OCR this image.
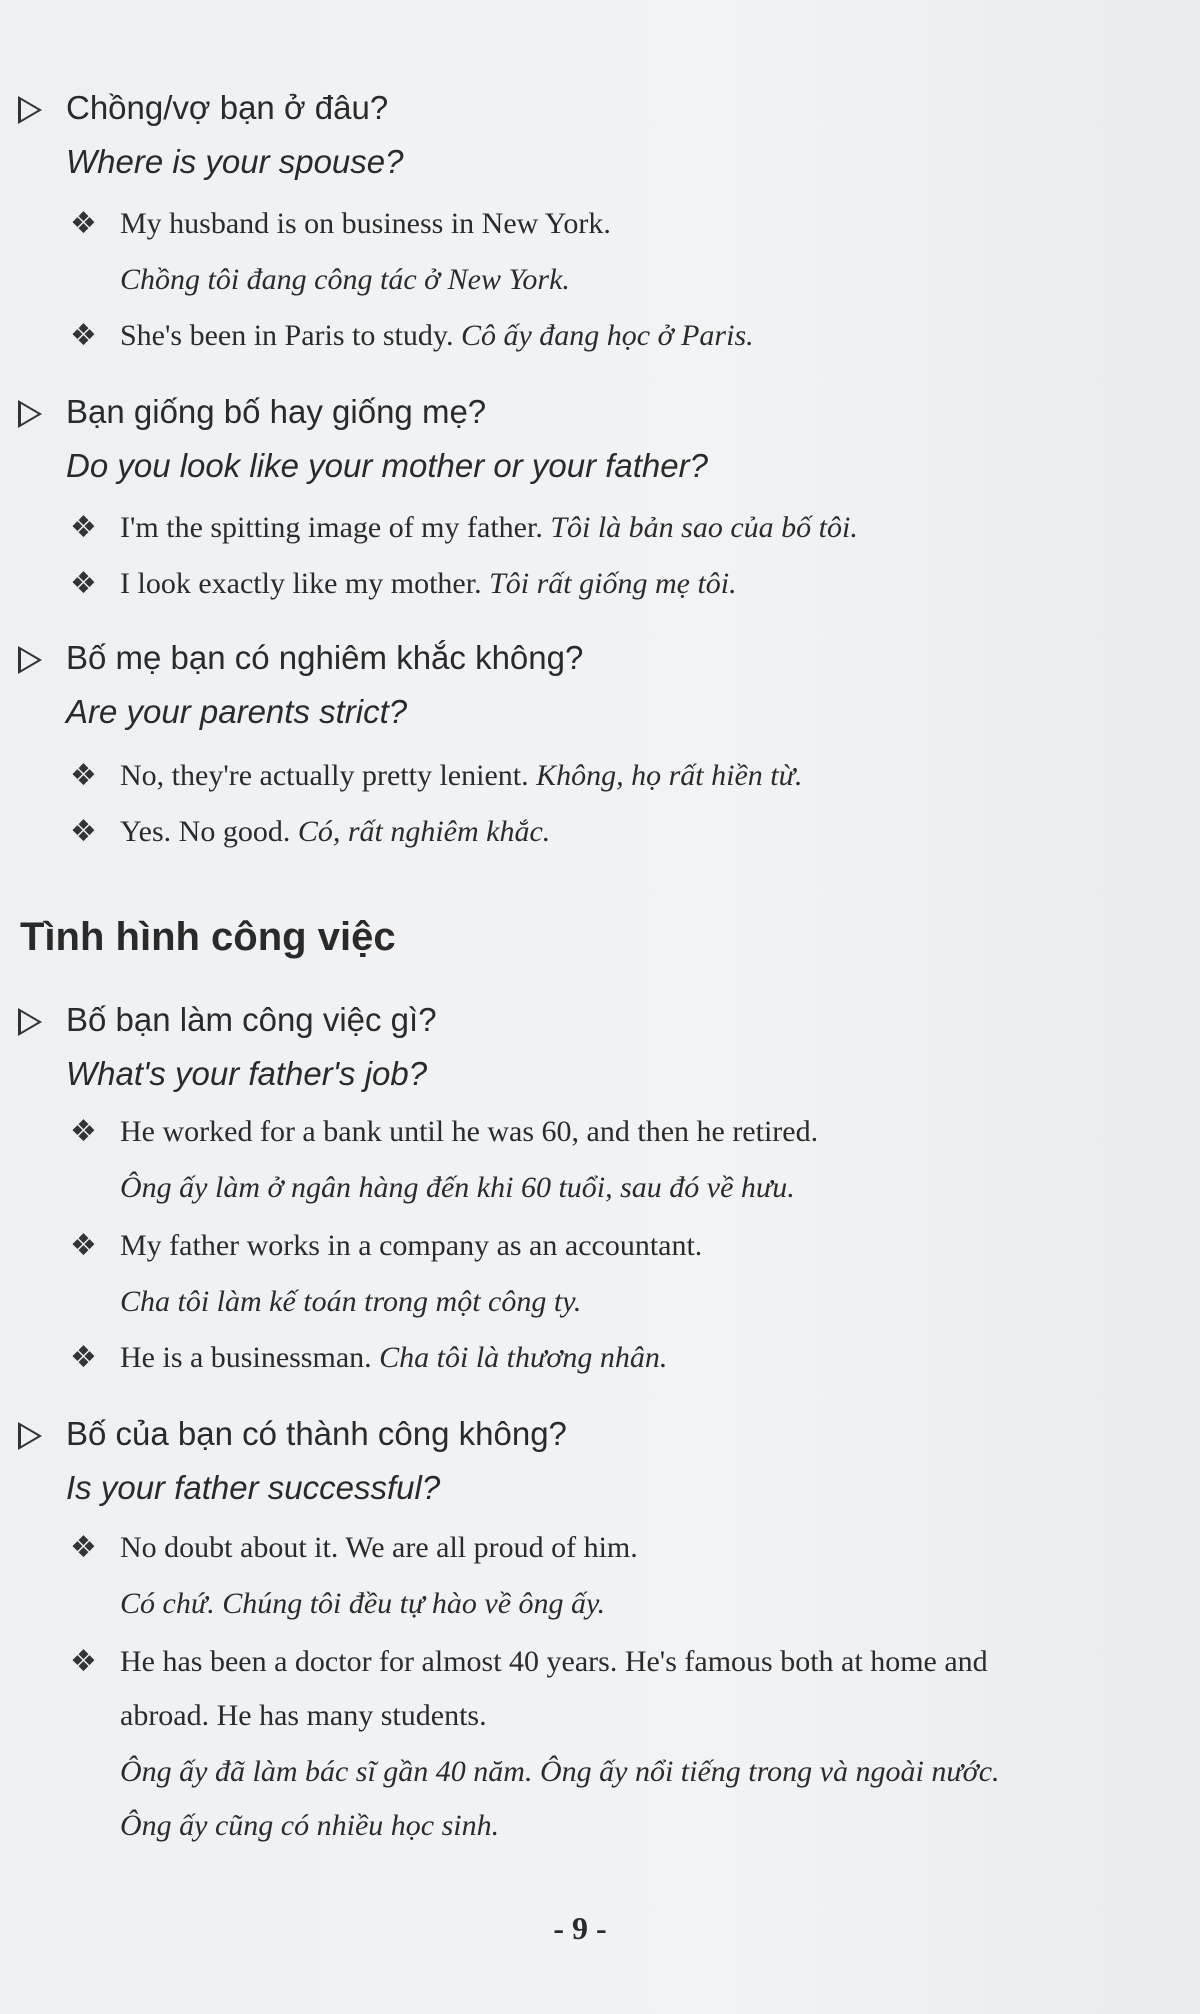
Chồng/vợ bạn ở đâu?
Where is your spouse?
❖ My husband is on business in New York.
Chồng tôi đang công tác ở New York.
❖ She's been in Paris to study. Cô ấy đang học ở Paris.
Bạn giống bố hay giống mẹ?
Do you look like your mother or your father?
❖ I'm the spitting image of my father. Tôi là bản sao của bố tôi.
❖ I look exactly like my mother. Tôi rất giống mẹ tôi.
Bố mẹ bạn có nghiêm khắc không?
Are your parents strict?
❖ No, they're actually pretty lenient. Không, họ rất hiền từ.
❖ Yes. No good. Có, rất nghiêm khắc.
Tình hình công việc
Bố bạn làm công việc gì?
What's your father's job?
❖ He worked for a bank until he was 60, and then he retired.
Ông ấy làm ở ngân hàng đến khi 60 tuổi, sau đó về hưu.
❖ My father works in a company as an accountant.
Cha tôi làm kế toán trong một công ty.
❖ He is a businessman. Cha tôi là thương nhân.
Bố của bạn có thành công không?
Is your father successful?
❖ No doubt about it. We are all proud of him.
Có chứ. Chúng tôi đều tự hào về ông ấy.
❖ He has been a doctor for almost 40 years. He's famous both at home and
abroad. He has many students.
Ông ấy đã làm bác sĩ gần 40 năm. Ông ấy nổi tiếng trong và ngoài nước.
Ông ấy cũng có nhiều học sinh.
- 9 -
